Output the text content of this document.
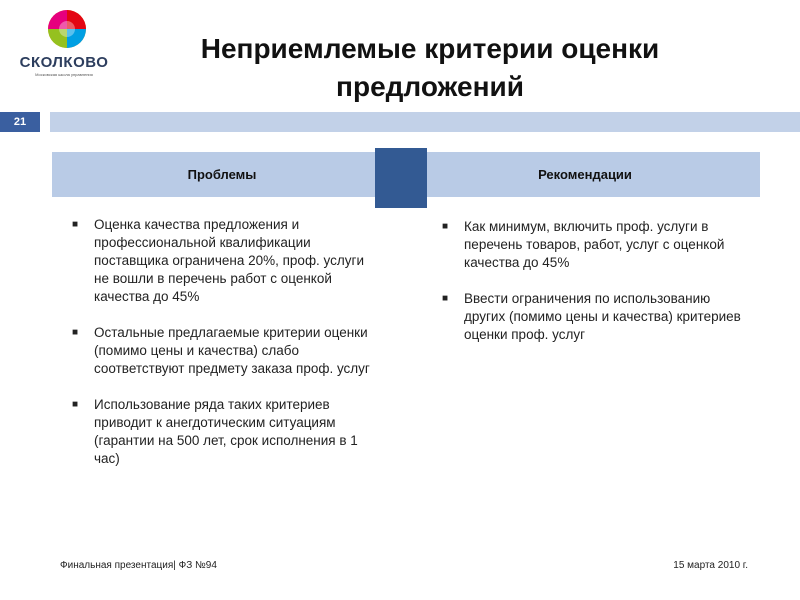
СКОЛКОВО
Московская школа управления
Неприемлемые критерии оценки предложений
21
Проблемы	Рекомендации
■ Оценка качества предложения и профессиональной квалификации поставщика ограничена 20%, проф. услуги не вошли в перечень работ с оценкой качества до 45%
■ Остальные предлагаемые критерии оценки (помимо цены и качества) слабо соответствуют предмету заказа проф. услуг
■ Использование ряда таких критериев приводит к анегдотическим ситуациям (гарантии на 500 лет, срок исполнения в 1 час)
■ Как минимум, включить проф. услуги в перечень товаров, работ, услуг с оценкой качества до 45%
■ Ввести ограничения по использованию других (помимо цены и качества) критериев оценки проф. услуг
Финальная презентация| ФЗ №94	15 марта 2010 г.
